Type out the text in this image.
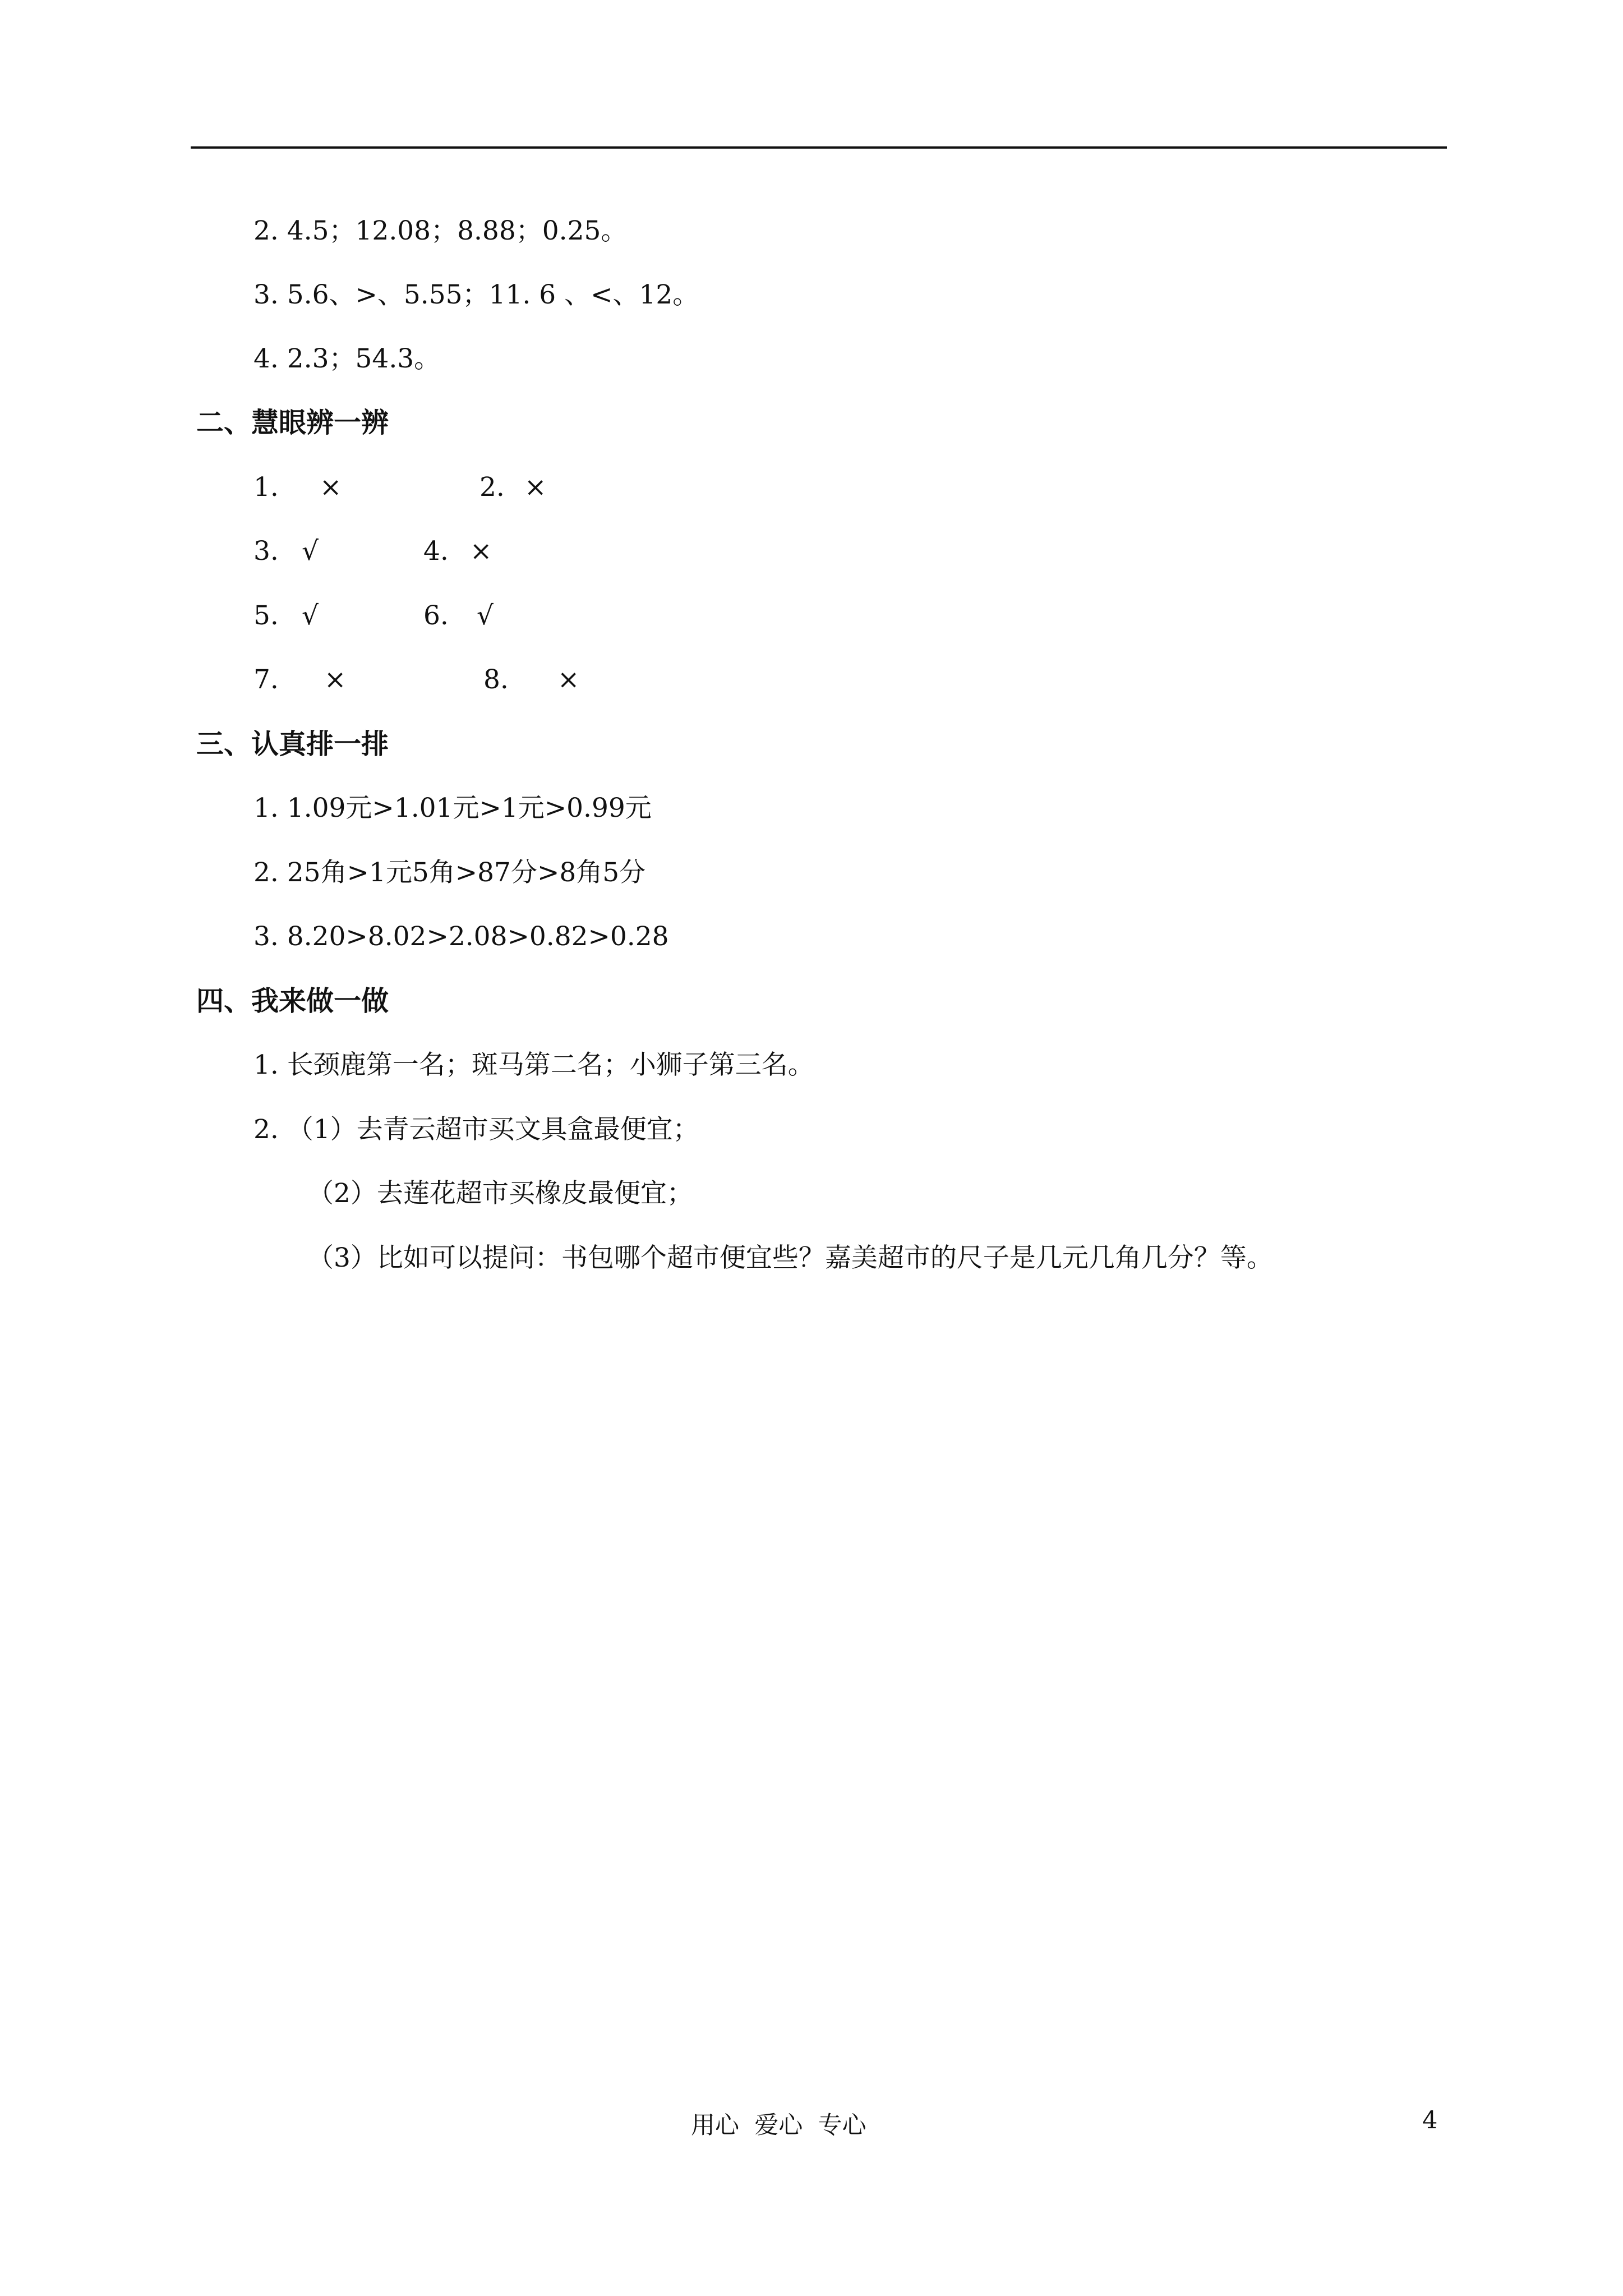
2. 4.5；12.08；8.88；0.25。
3. 5.6、>、5.55；11. 6 、<、12。
4. 2.3；54.3。
二、慧眼辨一辨
1. ×	2. ×
3. √	4. ×
5. √	6. √
7. ×	8. ×
三、认真排一排
1. 1.09元>1.01元>1元>0.99元
2. 25角>1元5角>87分>8角5分
3. 8.20>8.02>2.08>0.82>0.28
四、我来做一做
1. 长颈鹿第一名；斑马第二名；小狮子第三名。
2. （1）去青云超市买文具盒最便宜；
（2）去莲花超市买橡皮最便宜；
（3）比如可以提问：书包哪个超市便宜些？嘉美超市的尺子是几元几角几分？等。
用心  爱心  专心	4
